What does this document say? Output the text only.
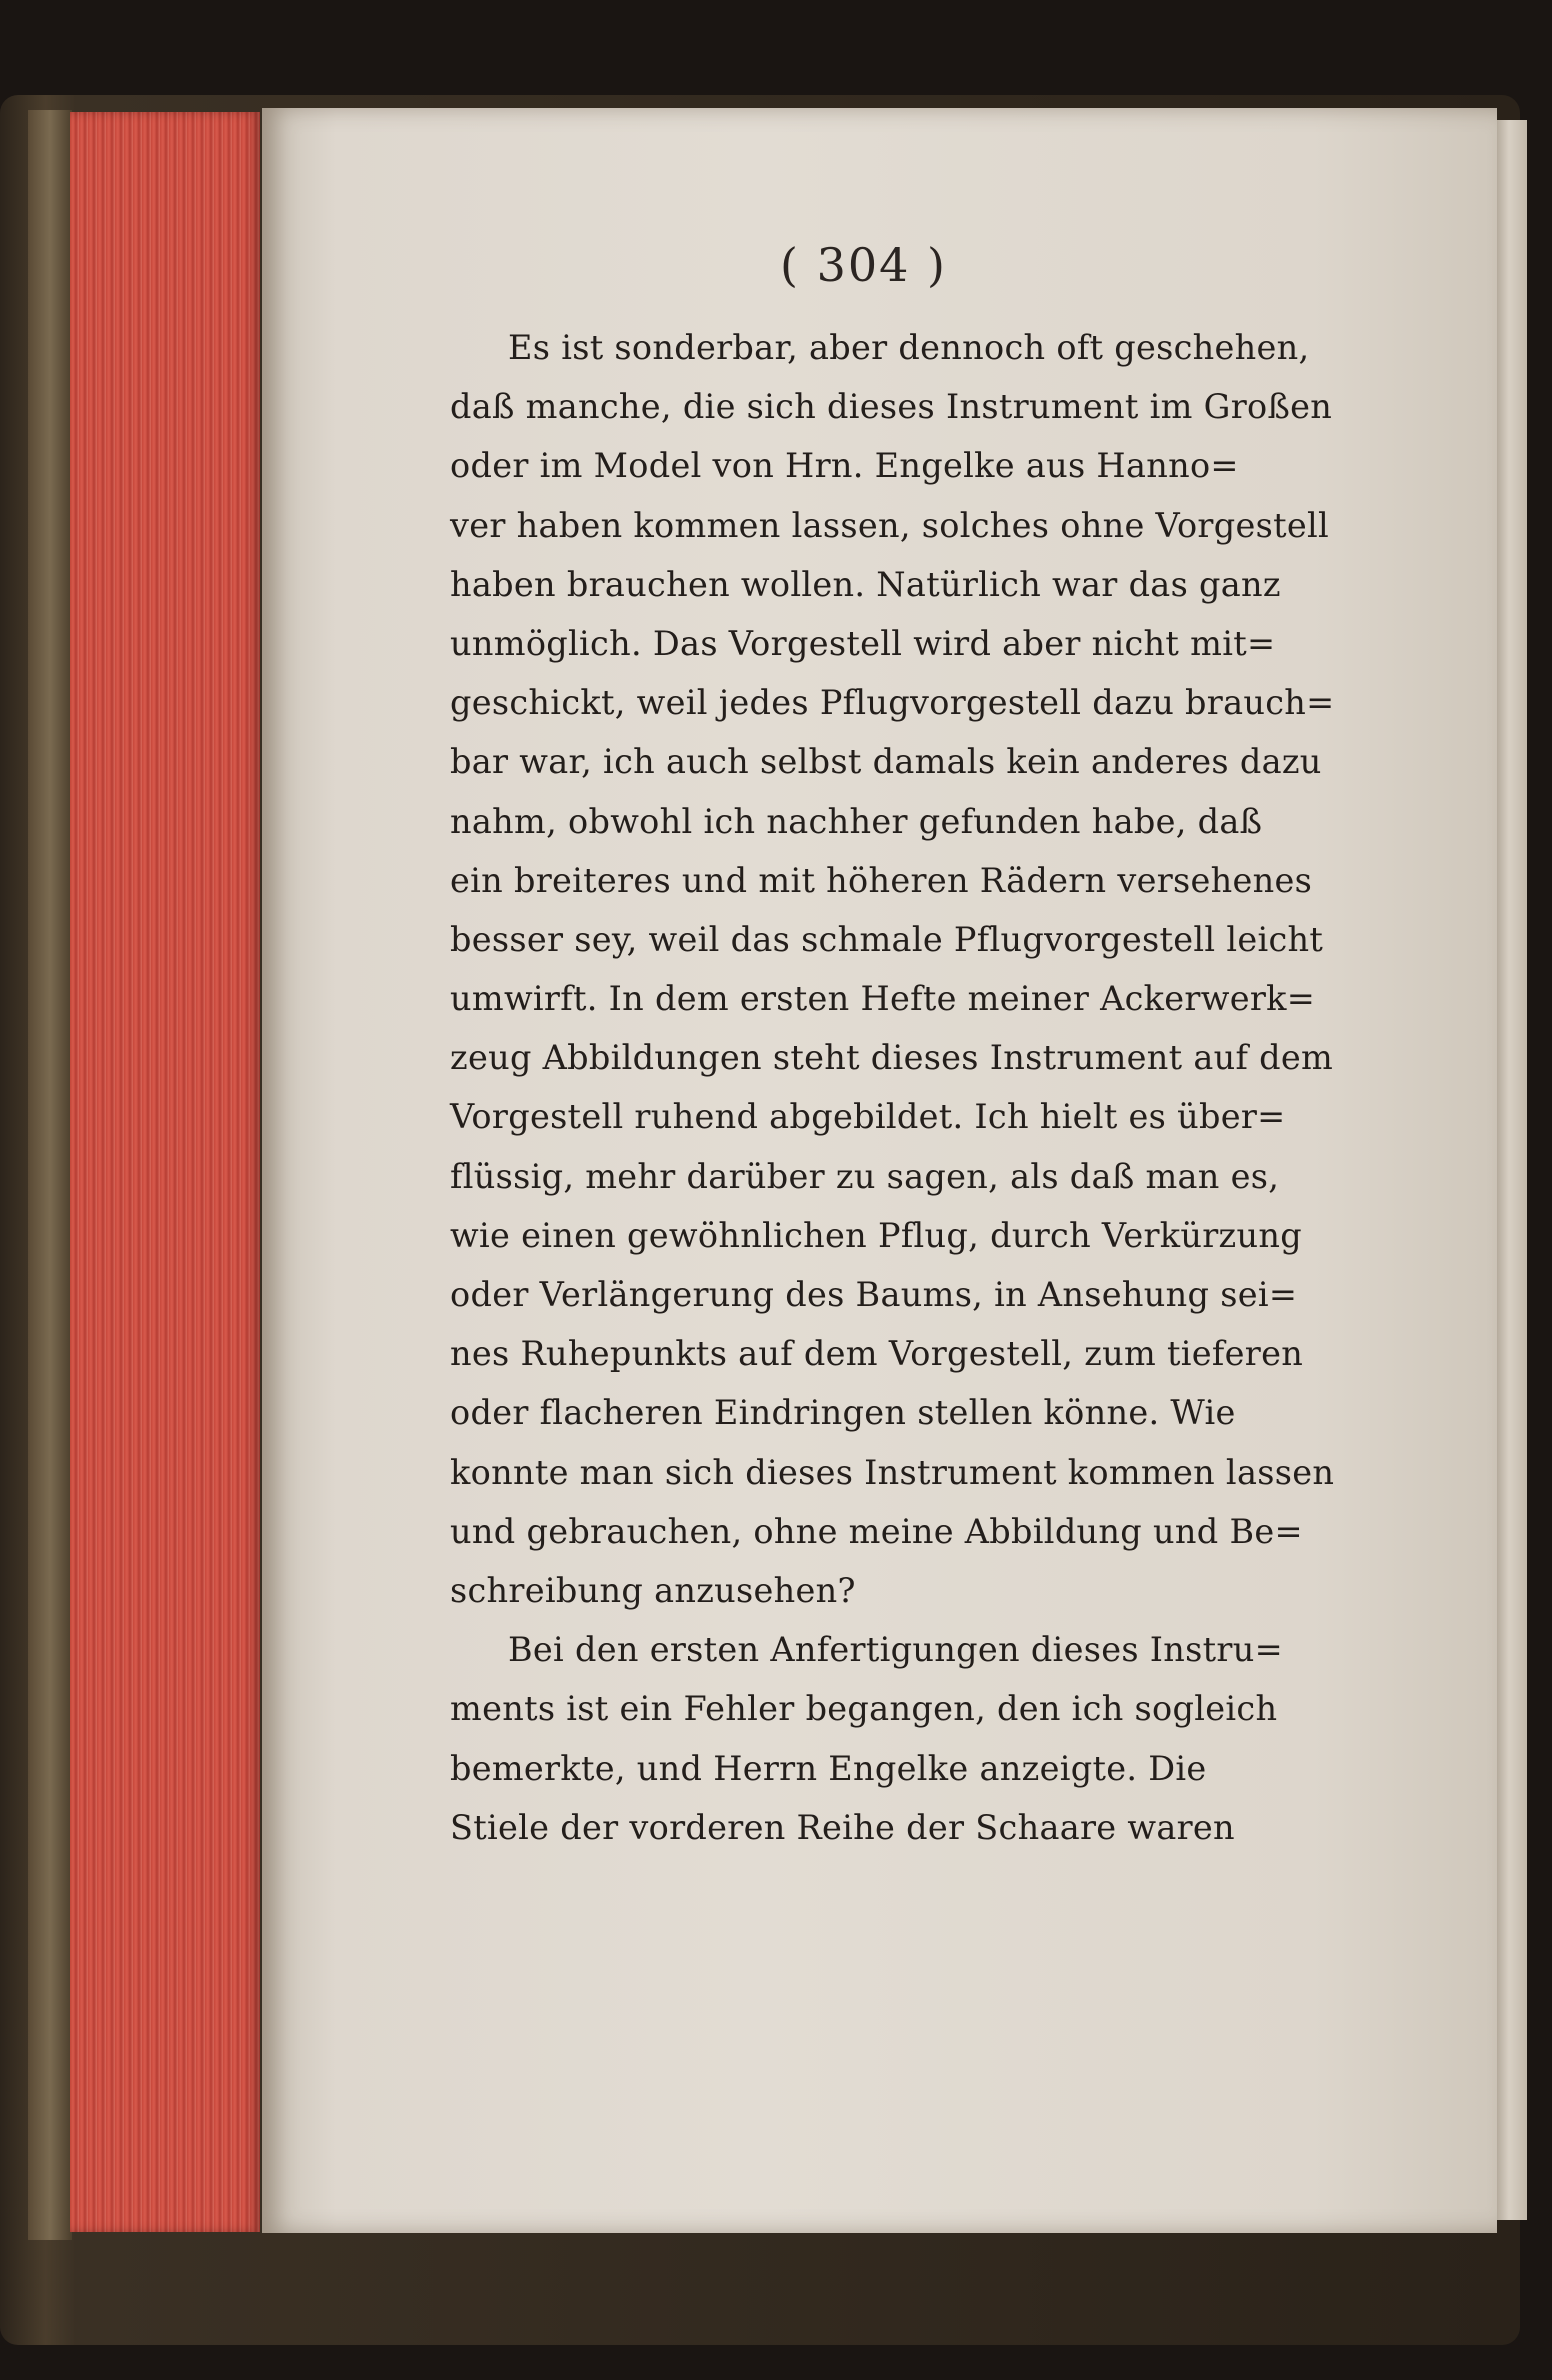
( 304 )
Es ist sonderbar, aber dennoch oft geschehen,
daß manche, die sich dieses Instrument im Großen
oder im Model von Hrn. Engelke aus Hanno=
ver haben kommen lassen, solches ohne Vorgestell
haben brauchen wollen. Natürlich war das ganz
unmöglich. Das Vorgestell wird aber nicht mit=
geschickt, weil jedes Pflugvorgestell dazu brauch=
bar war, ich auch selbst damals kein anderes dazu
nahm, obwohl ich nachher gefunden habe, daß
ein breiteres und mit höheren Rädern versehenes
besser sey, weil das schmale Pflugvorgestell leicht
umwirft. In dem ersten Hefte meiner Ackerwerk=
zeug Abbildungen steht dieses Instrument auf dem
Vorgestell ruhend abgebildet. Ich hielt es über=
flüssig, mehr darüber zu sagen, als daß man es,
wie einen gewöhnlichen Pflug, durch Verkürzung
oder Verlängerung des Baums, in Ansehung sei=
nes Ruhepunkts auf dem Vorgestell, zum tieferen
oder flacheren Eindringen stellen könne. Wie
konnte man sich dieses Instrument kommen lassen
und gebrauchen, ohne meine Abbildung und Be=
schreibung anzusehen?
Bei den ersten Anfertigungen dieses Instru=
ments ist ein Fehler begangen, den ich sogleich
bemerkte, und Herrn Engelke anzeigte. Die
Stiele der vorderen Reihe der Schaare waren
